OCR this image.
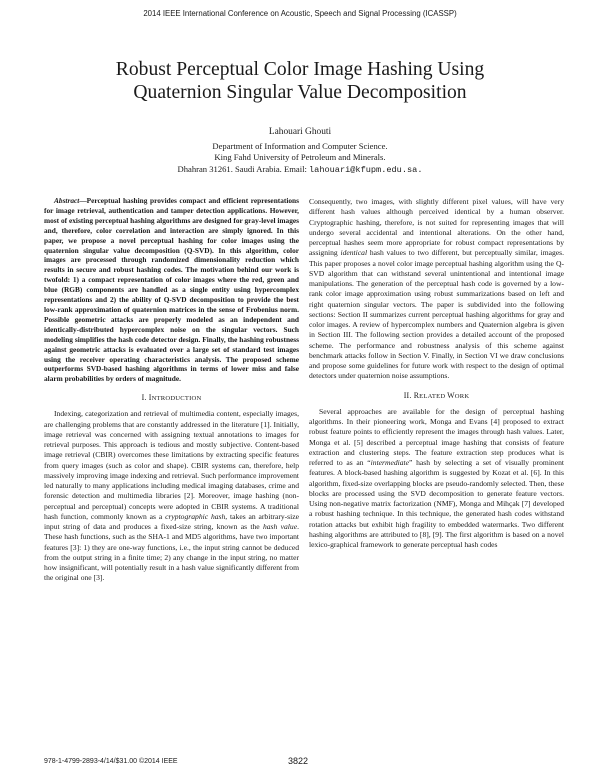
2014 IEEE International Conference on Acoustic, Speech and Signal Processing (ICASSP)
Robust Perceptual Color Image Hashing Using
Quaternion Singular Value Decomposition
Lahouari Ghouti
Department of Information and Computer Science.
King Fahd University of Petroleum and Minerals.
Dhahran 31261. Saudi Arabia. Email: lahouari@kfupm.edu.sa.

Abstract—Perceptual hashing provides compact and efficient representations for image retrieval, authentication and tamper detection applications. However, most of existing perceptual hashing algorithms are designed for gray-level images and, therefore, color correlation and interaction are simply ignored. In this paper, we propose a novel perceptual hashing for color images using the quaternion singular value decomposition (Q-SVD). In this algorithm, color images are processed through randomized dimensionality reduction which results in secure and robust hashing codes. The motivation behind our work is twofold: 1) a compact representation of color images where the red, green and blue (RGB) components are handled as a single entity using hypercomplex representations and 2) the ability of Q-SVD decomposition to provide the best low-rank approximation of quaternion matrices in the sense of Frobenius norm. Possible geometric attacks are properly modeled as an independent and identically-distributed hypercomplex noise on the singular vectors. Such modeling simplifies the hash code detector design. Finally, the hashing robustness against geometric attacks is evaluated over a large set of standard test images using the receiver operating characteristics analysis. The proposed scheme outperforms SVD-based hashing algorithms in terms of lower miss and false alarm probabilities by orders of magnitude.

I. INTRODUCTION

Indexing, categorization and retrieval of multimedia content, especially images, are challenging problems that are constantly addressed in the literature [1]. Initially, image retrieval was concerned with assigning textual annotations to images for retrieval purposes. This approach is tedious and mostly subjective. Content-based image retrieval (CBIR) overcomes these limitations by extracting specific features from query images (such as color and shape). CBIR systems can, therefore, help massively improving image indexing and retrieval. Such performance improvement led naturally to many applications including medical imaging databases, crime and forensic detection and multimedia libraries [2]. Moreover, image hashing (non-perceptual and perceptual) concepts were adopted in CBIR systems. A traditional hash function, commonly known as a cryptographic hash, takes an arbitrary-size input string of data and produces a fixed-size string, known as the hash value. These hash functions, such as the SHA-1 and MD5 algorithms, have two important features [3]: 1) they are one-way functions, i.e., the input string cannot be deduced from the output string in a finite time; 2) any change in the input string, no matter how insignificant, will potentially result in a hash value significantly different from the original one [3].

Consequently, two images, with slightly different pixel values, will have very different hash values although perceived identical by a human observer. Cryptographic hashing, therefore, is not suited for representing images that will undergo several accidental and intentional alterations. On the other hand, perceptual hashes seem more appropriate for robust compact representations by assigning identical hash values to two different, but perceptually similar, images. This paper proposes a novel color image perceptual hashing algorithm using the Q-SVD algorithm that can withstand several unintentional and intentional image manipulations. The generation of the perceptual hash code is governed by a low-rank color image approximation using robust summarizations based on left and right quaternion singular vectors. The paper is subdivided into the following sections: Section II summarizes current perceptual hashing algorithms for gray and color images. A review of hypercomplex numbers and Quaternion algebra is given in Section III. The following section provides a detailed account of the proposed scheme. The performance and robustness analysis of this scheme against benchmark attacks follow in Section V. Finally, in Section VI we draw conclusions and propose some guidelines for future work with respect to the design of optimal detectors under quaternion noise assumptions.

II. RELATED WORK

Several approaches are available for the design of perceptual hashing algorithms. In their pioneering work, Monga and Evans [4] proposed to extract robust feature points to efficiently represent the images through hash values. Later, Monga et al. [5] described a perceptual image hashing that consists of feature extraction and clustering steps. The feature extraction step produces what is referred to as an “intermediate” hash by selecting a set of visually prominent features. A block-based hashing algorithm is suggested by Kozat et al. [6]. In this algorithm, fixed-size overlapping blocks are pseudo-randomly selected. Then, these blocks are processed using the SVD decomposition to generate feature vectors. Using non-negative matrix factorization (NMF), Monga and Mihçak [7] developed a robust hashing technique. In this technique, the generated hash codes withstand rotation attacks but exhibit high fragility to embedded watermarks. Two different hashing algorithms are attributed to [8], [9]. The first algorithm is based on a novel lexico-graphical framework to generate perceptual hash codes

978-1-4799-2893-4/14/$31.00 ©2014 IEEE	3822
